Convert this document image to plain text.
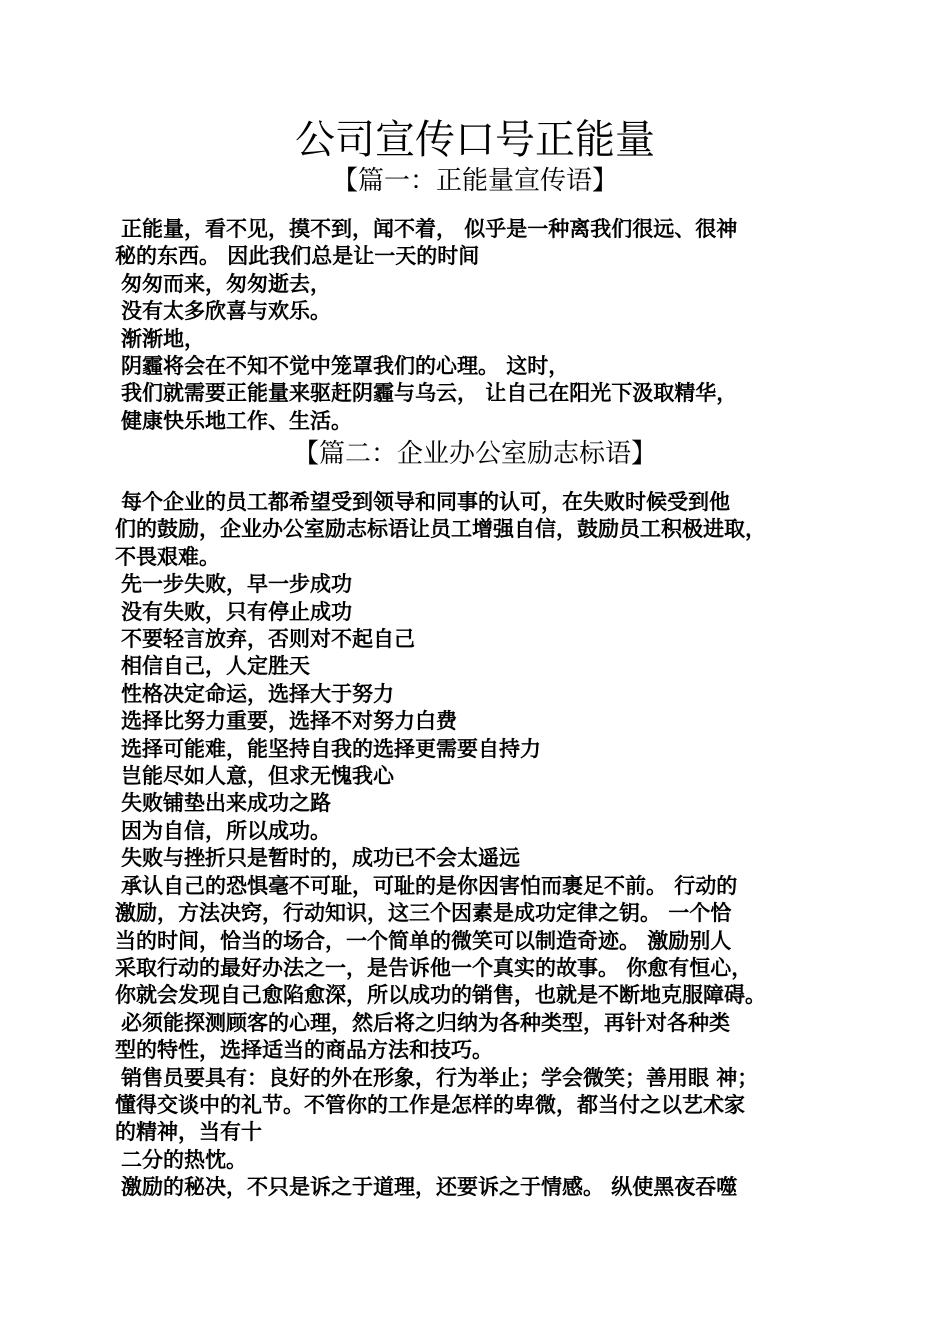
公司宣传口号正能量
【篇一：正能量宣传语】
正能量，看不见，摸不到，闻不着， 似乎是一种离我们很远、很神
秘的东西。 因此我们总是让一天的时间
匆匆而来，匆匆逝去，
没有太多欣喜与欢乐。
渐渐地，
阴霾将会在不知不觉中笼罩我们的心理。 这时，
我们就需要正能量来驱赶阴霾与乌云， 让自己在阳光下汲取精华，
健康快乐地工作、生活。
【篇二：企业办公室励志标语】
每个企业的员工都希望受到领导和同事的认可，在失败时候受到他
们的鼓励，企业办公室励志标语让员工增强自信，鼓励员工积极进取，
不畏艰难。
先一步失败，早一步成功
没有失败，只有停止成功
不要轻言放弃，否则对不起自己
相信自己，人定胜天
性格决定命运，选择大于努力
选择比努力重要，选择不对努力白费
选择可能难，能坚持自我的选择更需要自持力
岂能尽如人意，但求无愧我心
失败铺垫出来成功之路
因为自信，所以成功。
失败与挫折只是暂时的，成功已不会太遥远
承认自己的恐惧毫不可耻，可耻的是你因害怕而裹足不前。 行动的
激励，方法决窍，行动知识，这三个因素是成功定律之钥。 一个恰
当的时间，恰当的场合，一个简单的微笑可以制造奇迹。 激励别人
采取行动的最好办法之一，是告诉他一个真实的故事。 你愈有恒心，
你就会发现自己愈陷愈深，所以成功的销售，也就是不断地克服障碍。
必须能探测顾客的心理，然后将之归纳为各种类型，再针对各种类
型的特性，选择适当的商品方法和技巧。
销售员要具有：良好的外在形象，行为举止；学会微笑；善用眼 神；
懂得交谈中的礼节。不管你的工作是怎样的卑微，都当付之以艺术家
的精神，当有十
二分的热忱。
激励的秘决，不只是诉之于道理，还要诉之于情感。 纵使黑夜吞噬
